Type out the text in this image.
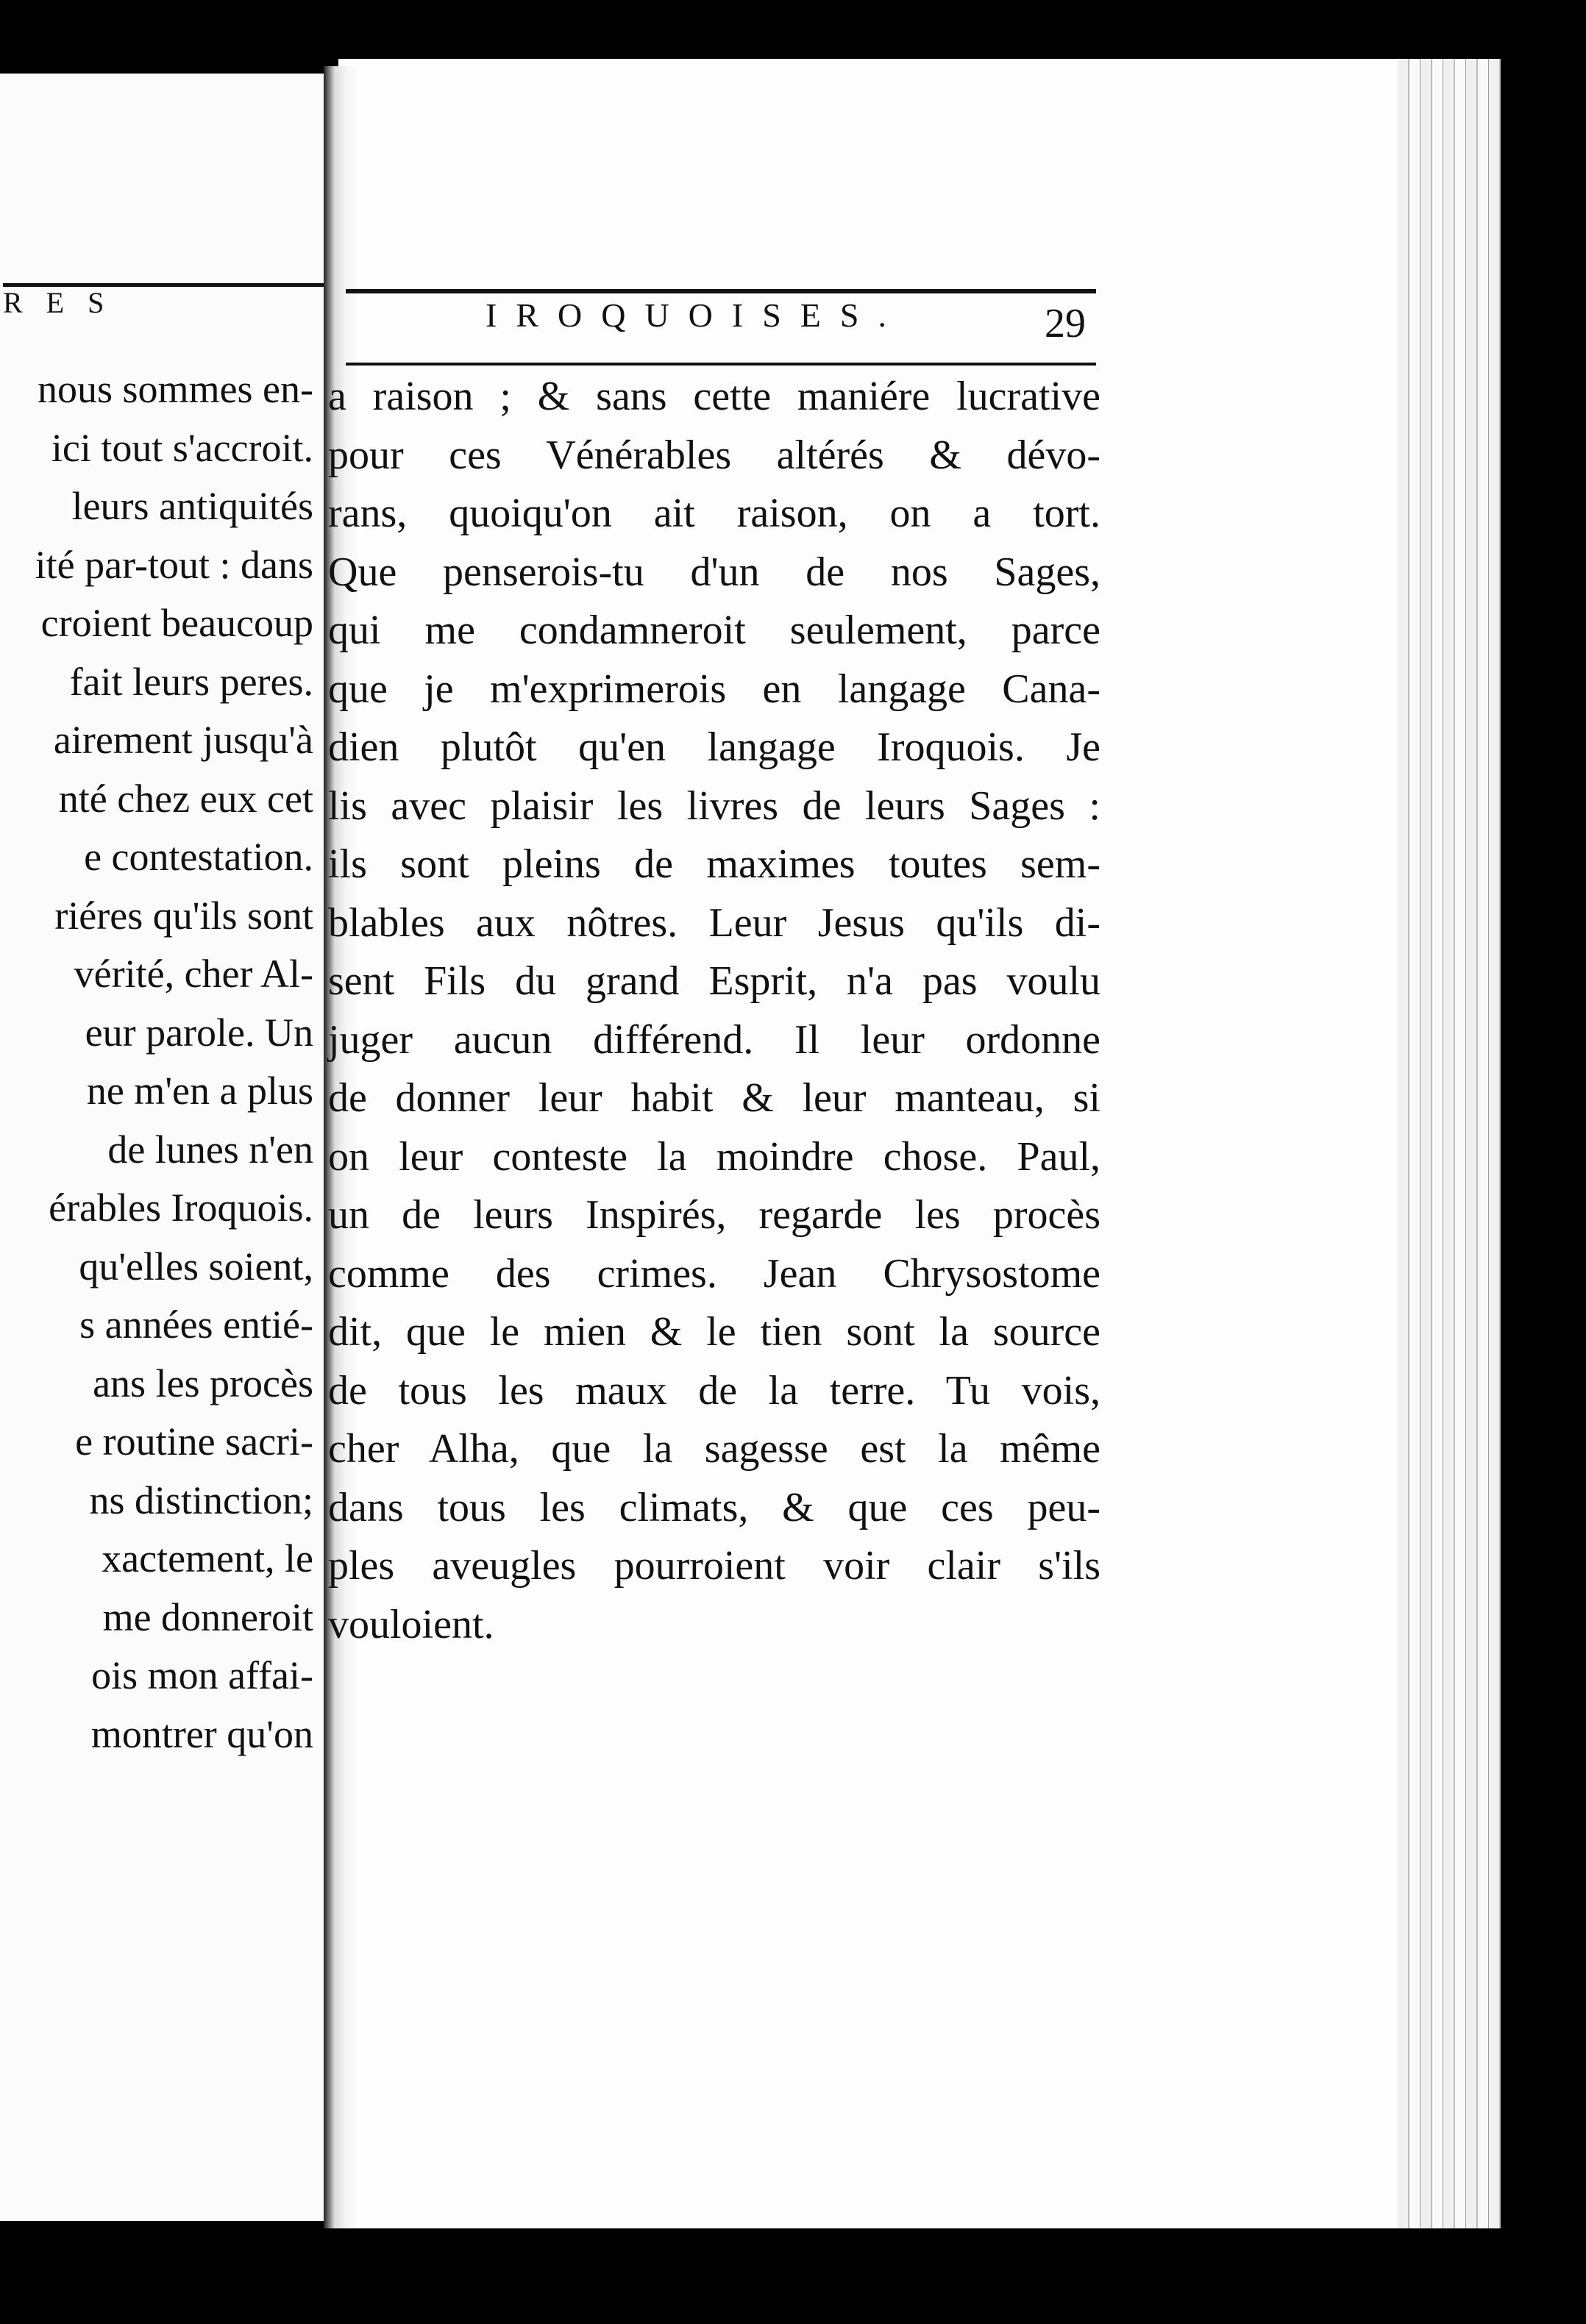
RES
nous sommes en-
ici tout s'accroit.
leurs antiquités
ité par-tout : dans
croient beaucoup
fait leurs peres.
airement jusqu'à
nté chez eux cet
e contestation.
riéres qu'ils sont
vérité, cher Al-
eur parole. Un
ne m'en a plus
de lunes n'en
érables Iroquois.
qu'elles soient,
s années entié-
ans les procès
e routine sacri-
ns distinction;
xactement, le
me donneroit
ois mon affai-
montrer qu'on
IROQUOISES.	29
a raison ; & sans cette maniére lucrative
pour ces Vénérables altérés & dévo-
rans, quoiqu'on ait raison, on a tort.
Que penserois-tu d'un de nos Sages,
qui me condamneroit seulement, parce
que je m'exprimerois en langage Cana-
dien plutôt qu'en langage Iroquois. Je
lis avec plaisir les livres de leurs Sages :
ils sont pleins de maximes toutes sem-
blables aux nôtres. Leur Jesus qu'ils di-
sent Fils du grand Esprit, n'a pas voulu
juger aucun différend. Il leur ordonne
de donner leur habit & leur manteau, si
on leur conteste la moindre chose. Paul,
un de leurs Inspirés, regarde les procès
comme des crimes. Jean Chrysostome
dit, que le mien & le tien sont la source
de tous les maux de la terre. Tu vois,
cher Alha, que la sagesse est la même
dans tous les climats, & que ces peu-
ples aveugles pourroient voir clair s'ils
vouloient.
